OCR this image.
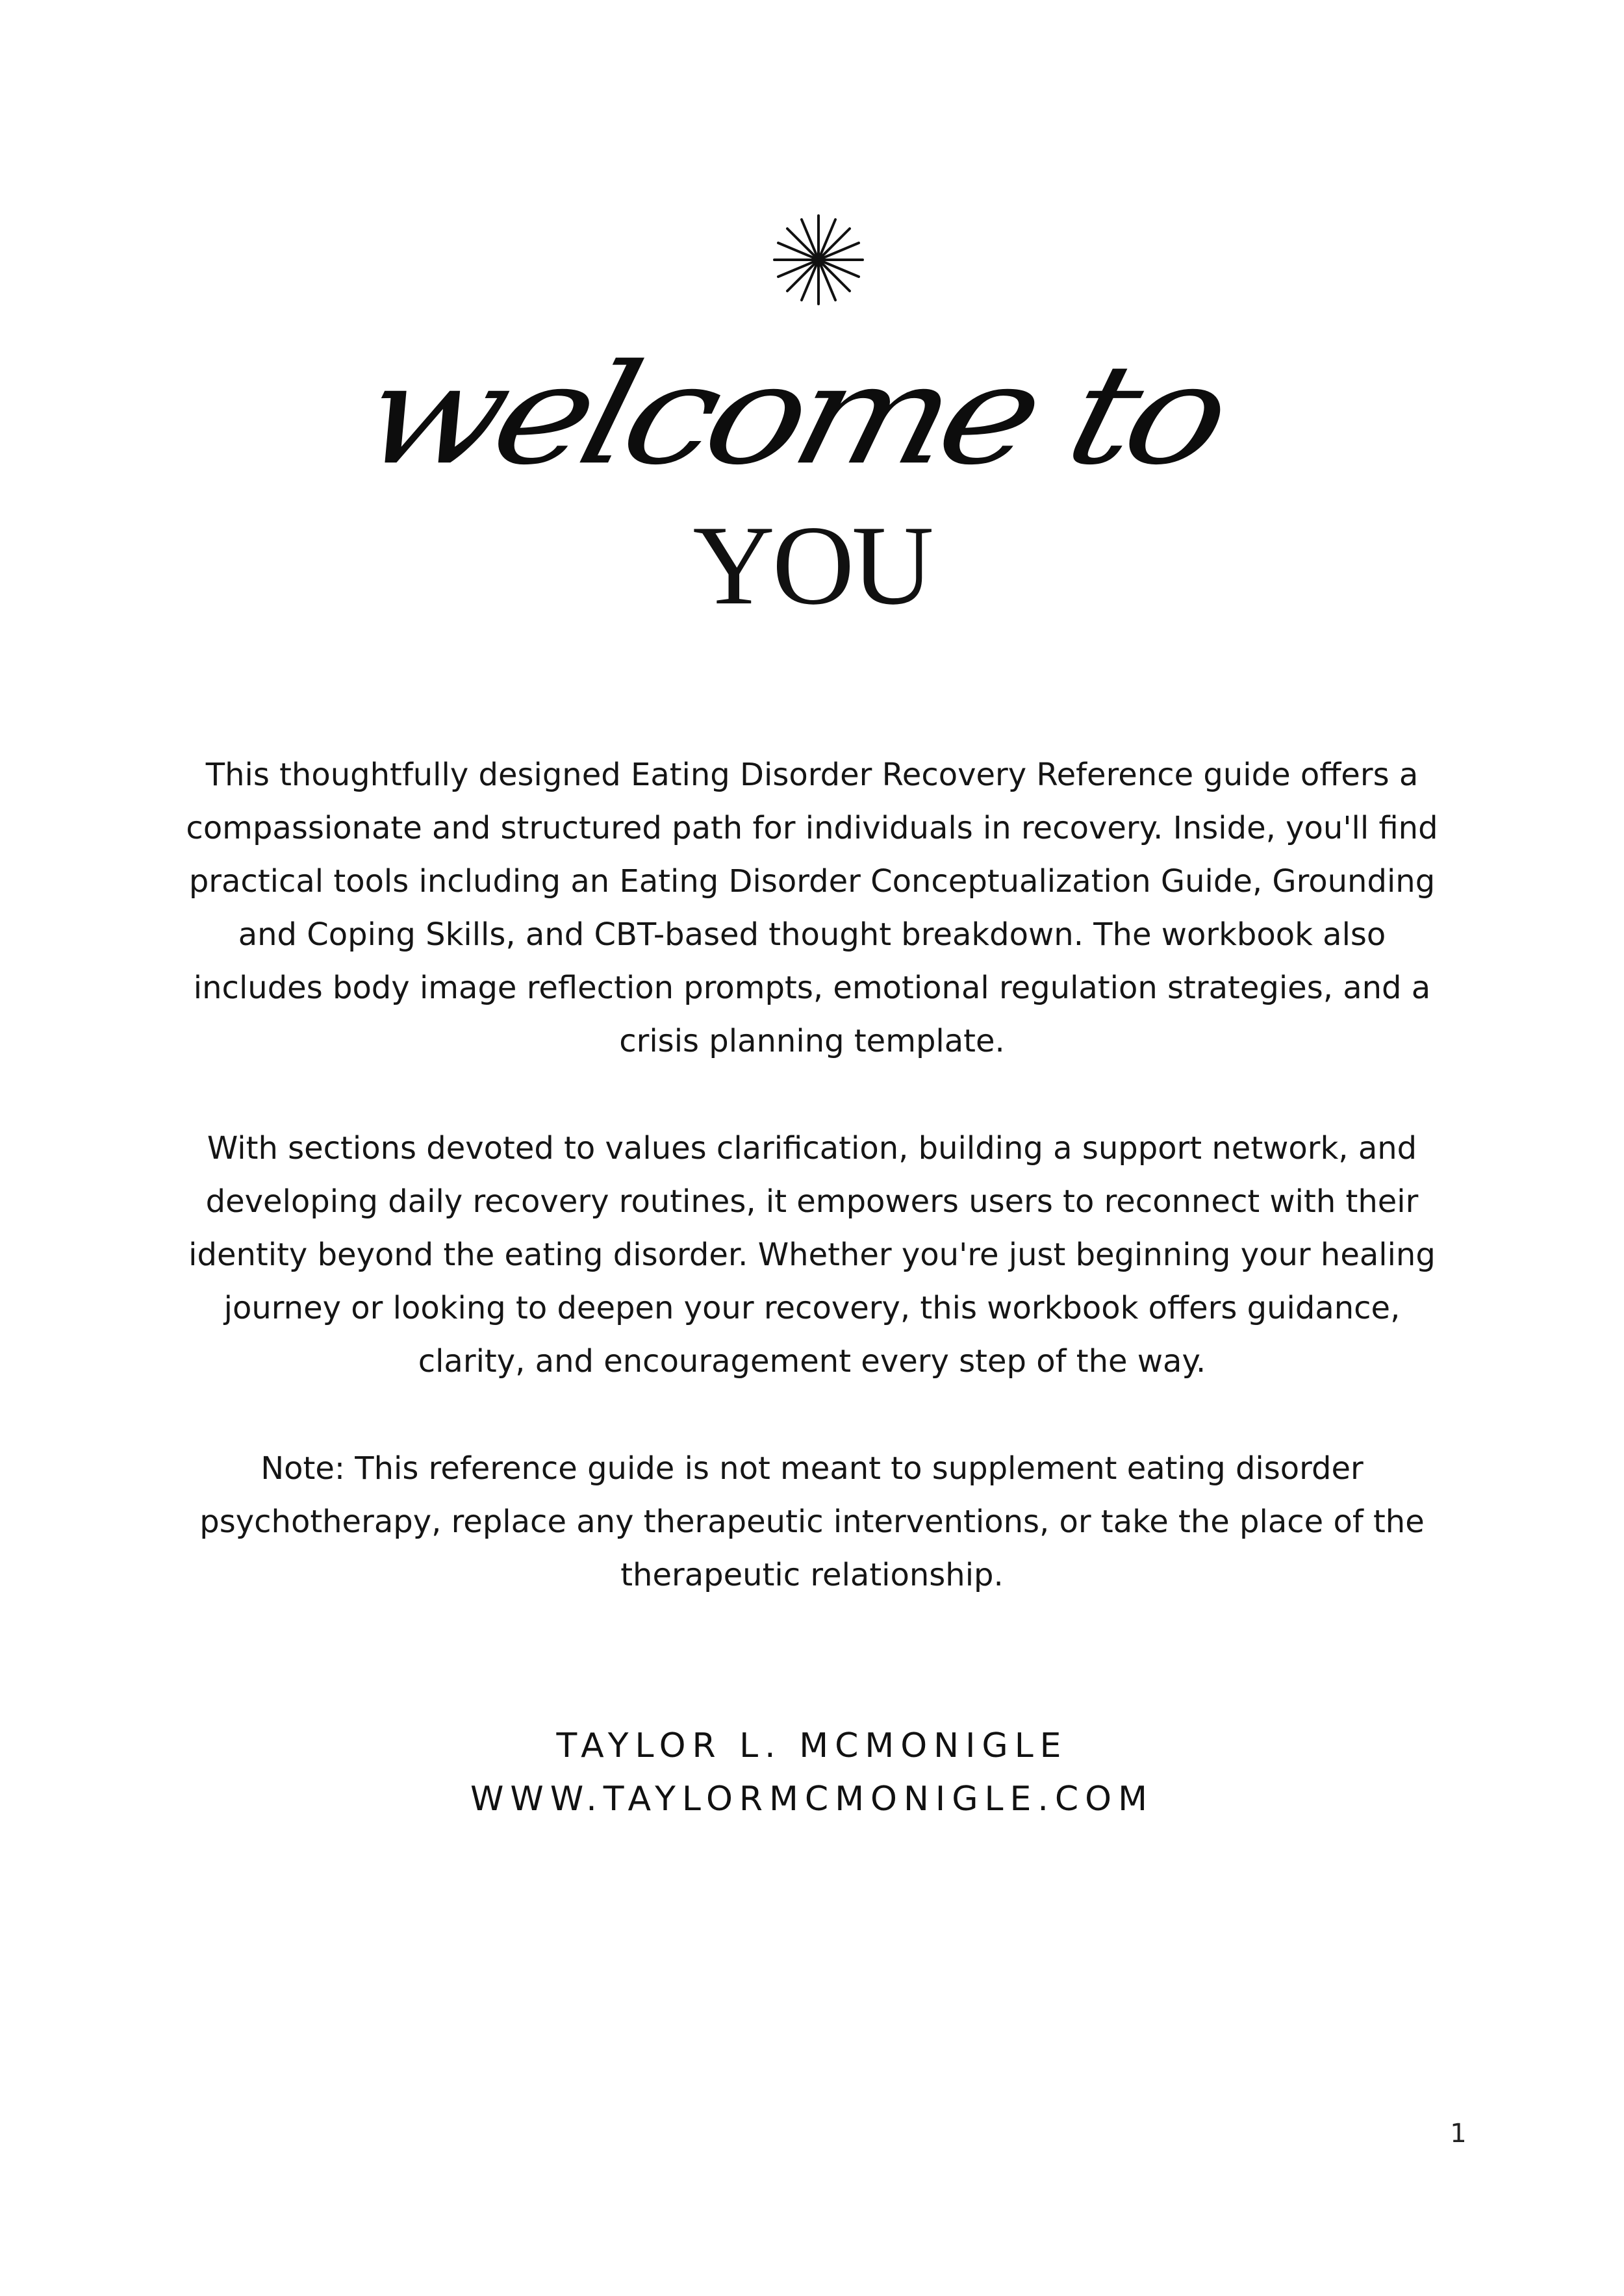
welcome to
YOU

This thoughtfully designed Eating Disorder Recovery Reference guide offers a compassionate and structured path for individuals in recovery. Inside, you'll find practical tools including an Eating Disorder Conceptualization Guide, Grounding and Coping Skills, and CBT-based thought breakdown. The workbook also includes body image reflection prompts, emotional regulation strategies, and a crisis planning template.

With sections devoted to values clarification, building a support network, and developing daily recovery routines, it empowers users to reconnect with their identity beyond the eating disorder. Whether you're just beginning your healing journey or looking to deepen your recovery, this workbook offers guidance, clarity, and encouragement every step of the way.

Note: This reference guide is not meant to supplement eating disorder psychotherapy, replace any therapeutic interventions, or take the place of the therapeutic relationship.

TAYLOR L. MCMONIGLE
WWW.TAYLORMCMONIGLE.COM
1
